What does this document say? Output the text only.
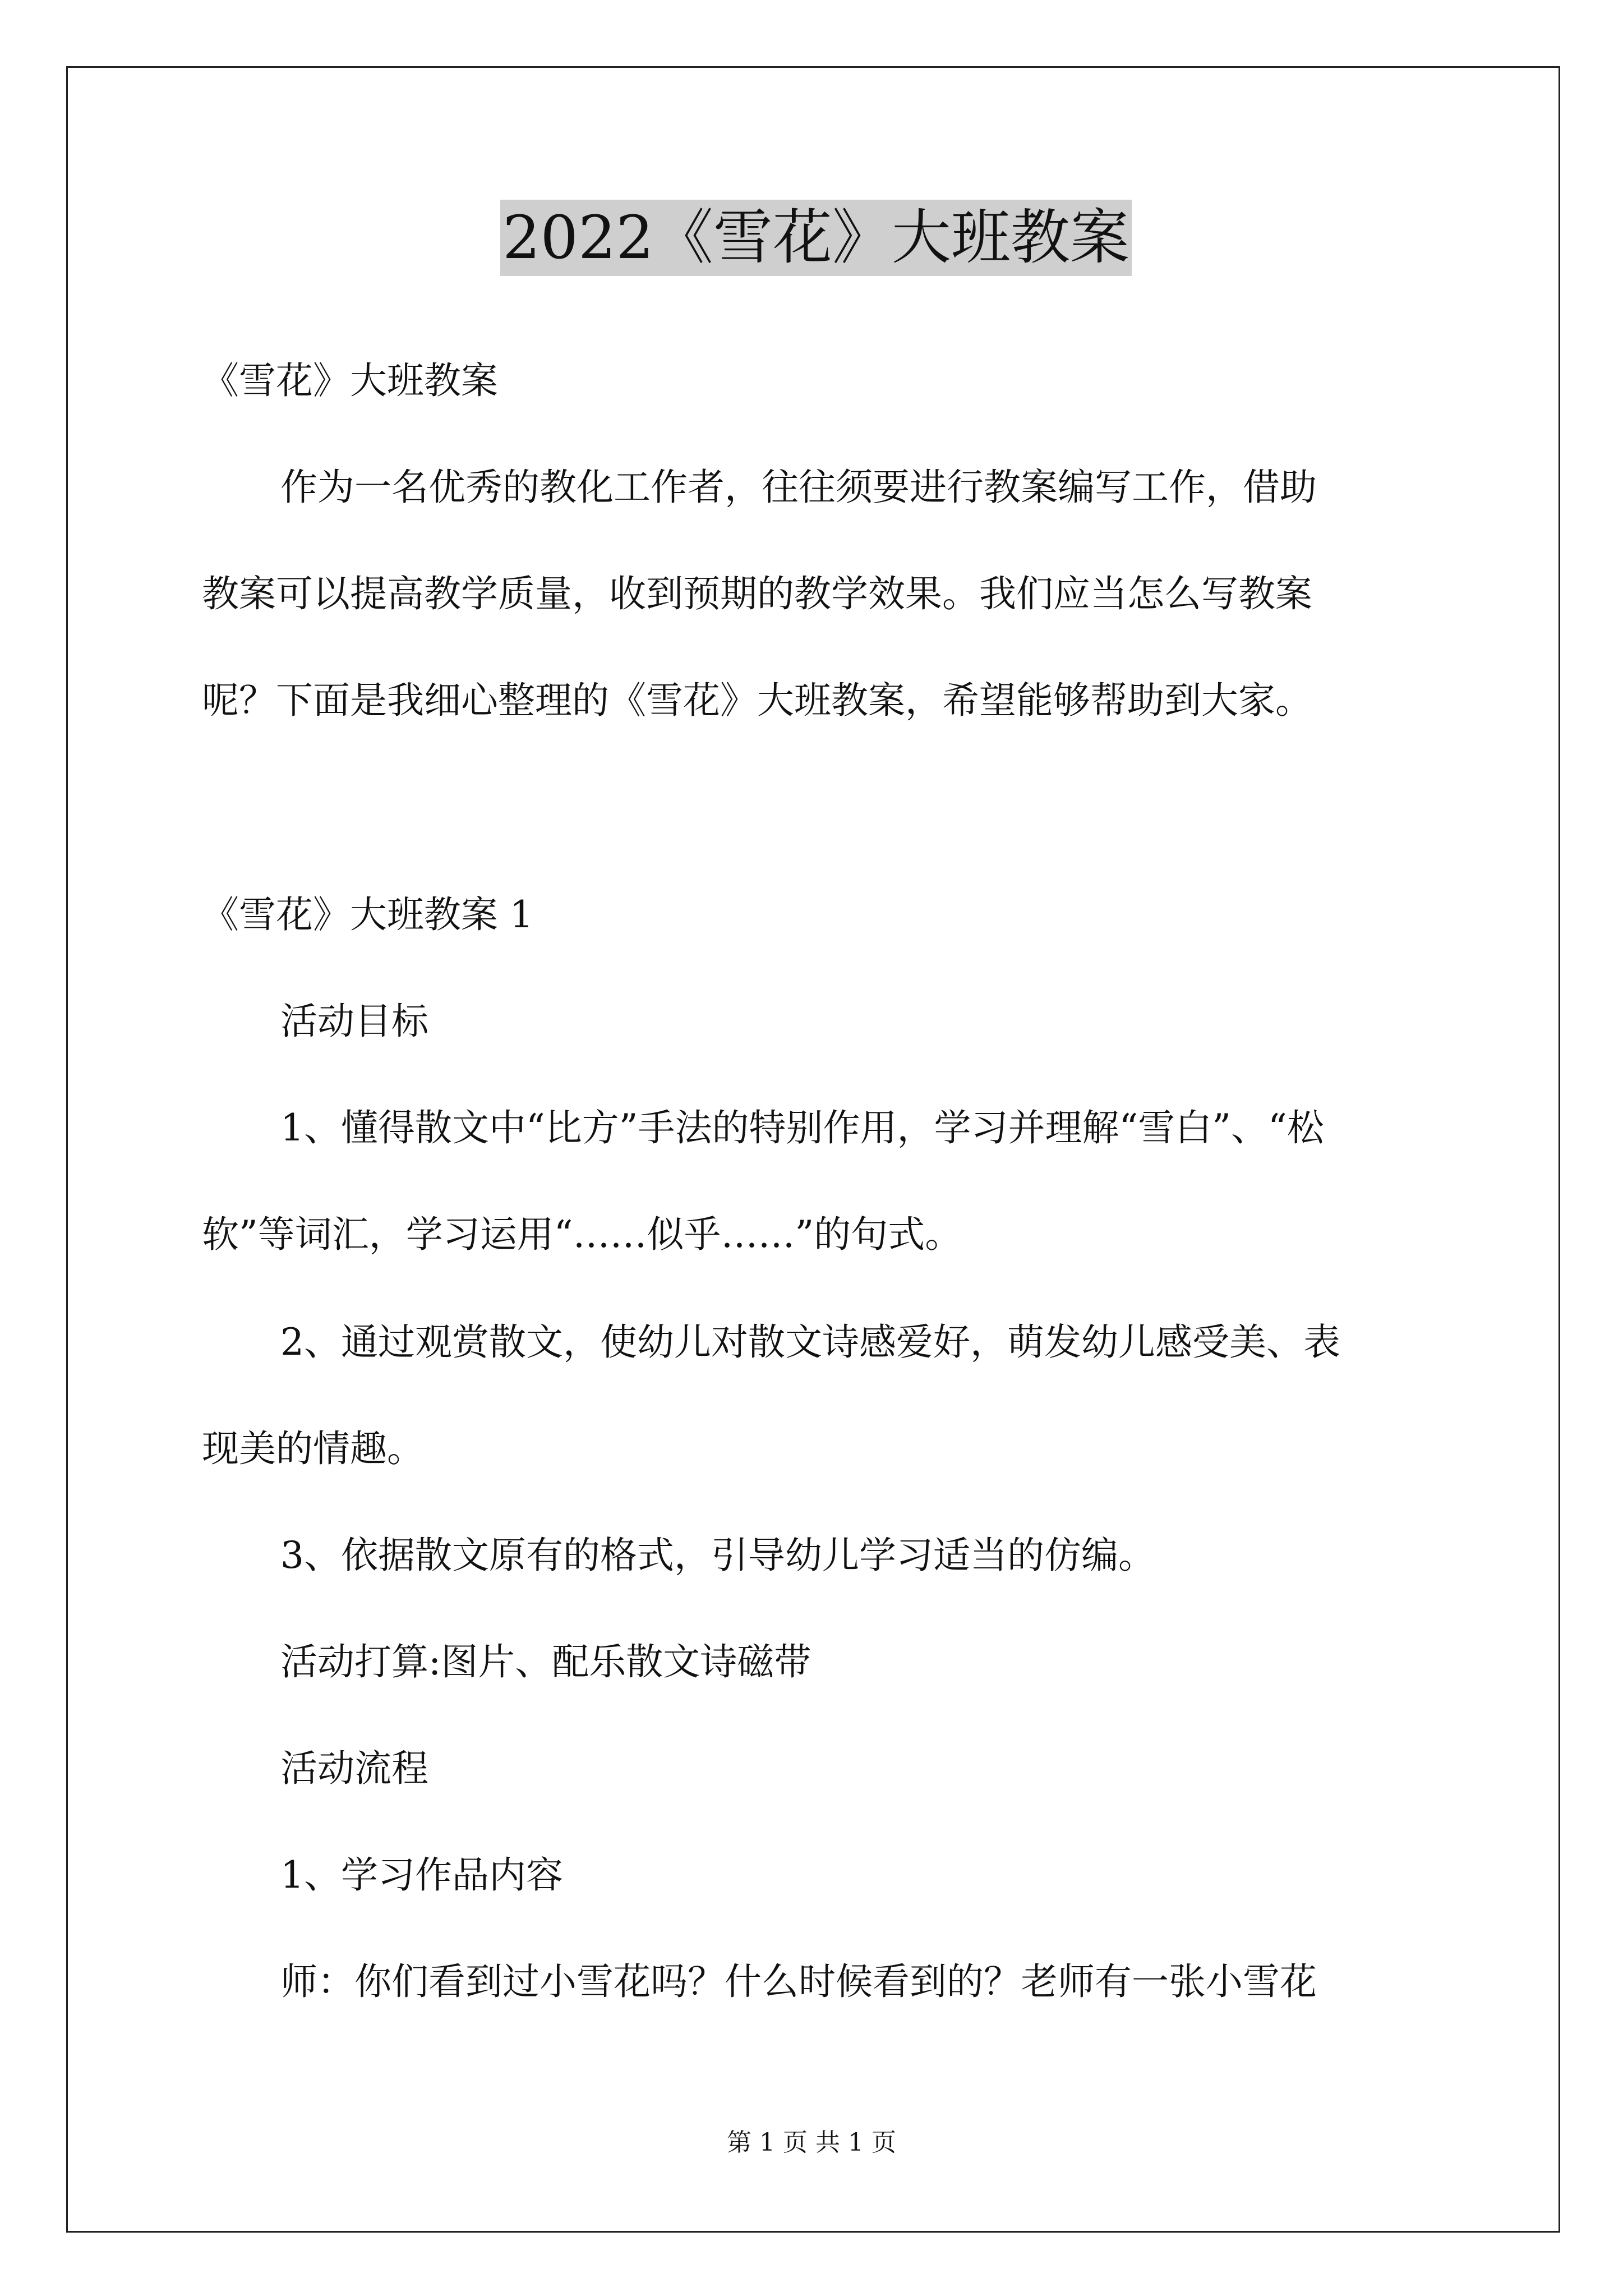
2022《雪花》大班教案
《雪花》大班教案
作为一名优秀的教化工作者，往往须要进行教案编写工作，借助
教案可以提高教学质量，收到预期的教学效果。我们应当怎么写教案
呢？下面是我细心整理的《雪花》大班教案，希望能够帮助到大家。
《雪花》大班教案 1
活动目标
1、懂得散文中“比方”手法的特别作用，学习并理解“雪白”、“松
软”等词汇，学习运用“……似乎……”的句式。
2、通过观赏散文，使幼儿对散文诗感爱好，萌发幼儿感受美、表
现美的情趣。
3、依据散文原有的格式，引导幼儿学习适当的仿编。
活动打算:图片、配乐散文诗磁带
活动流程
1、学习作品内容
师：你们看到过小雪花吗？什么时候看到的？老师有一张小雪花
第 1 页 共 1 页
